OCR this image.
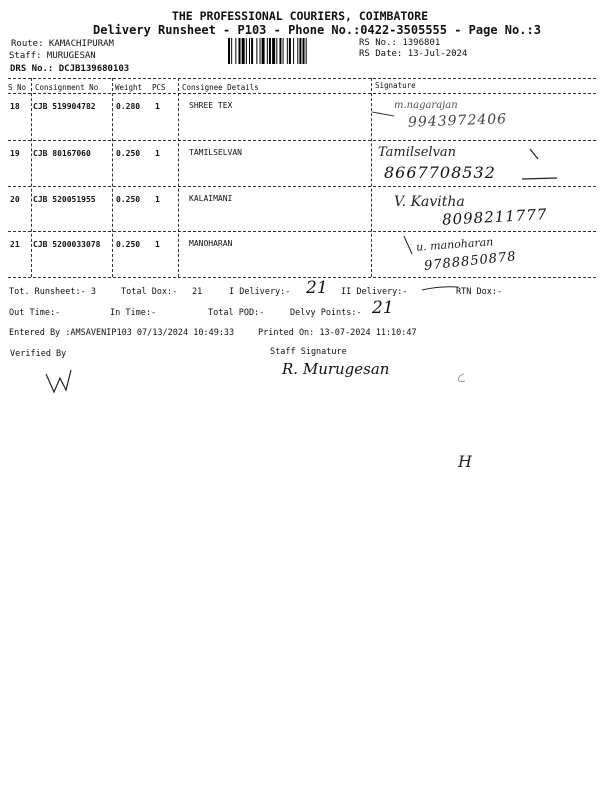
THE PROFESSIONAL COURIERS, COIMBATORE
Delivery Runsheet - P103 - Phone No.:0422-3505555 - Page No.:3
Route: KAMACHIPURAM
Staff: MURUGESAN
DRS No.: DCJB139680103
RS No.: 1396801
RS Date: 13-Jul-2024
S No Consignment No Weight PCS Consignee Details	Signature
18 CJB 519904782	0.280 1	SHREE TEX	m.nagarajan
9943972406
19 CJB 80167060	0.250 1	TAMILSELVAN	Tamilselvan
8667708532
20 CJB 520051955	0.250 1	KALAIMANI	V. Kavitha
8098211777
21 CJB 5200033078 0.250 1	MANOHARAN	u. manoharan
9788850878
Tot. Runsheet:- 3	Total Dox:- 21	I Delivery:- 21 II Delivery:-	RTN Dox:-
Out Time:-	In Time:-	Total POD:-	Delvy Points:- 21
Entered By :AMSAVENIP103 07/13/2024 10:49:33	Printed On: 13-07-2024 11:10:47
Verified By	Staff Signature
R. Murugesan
H
